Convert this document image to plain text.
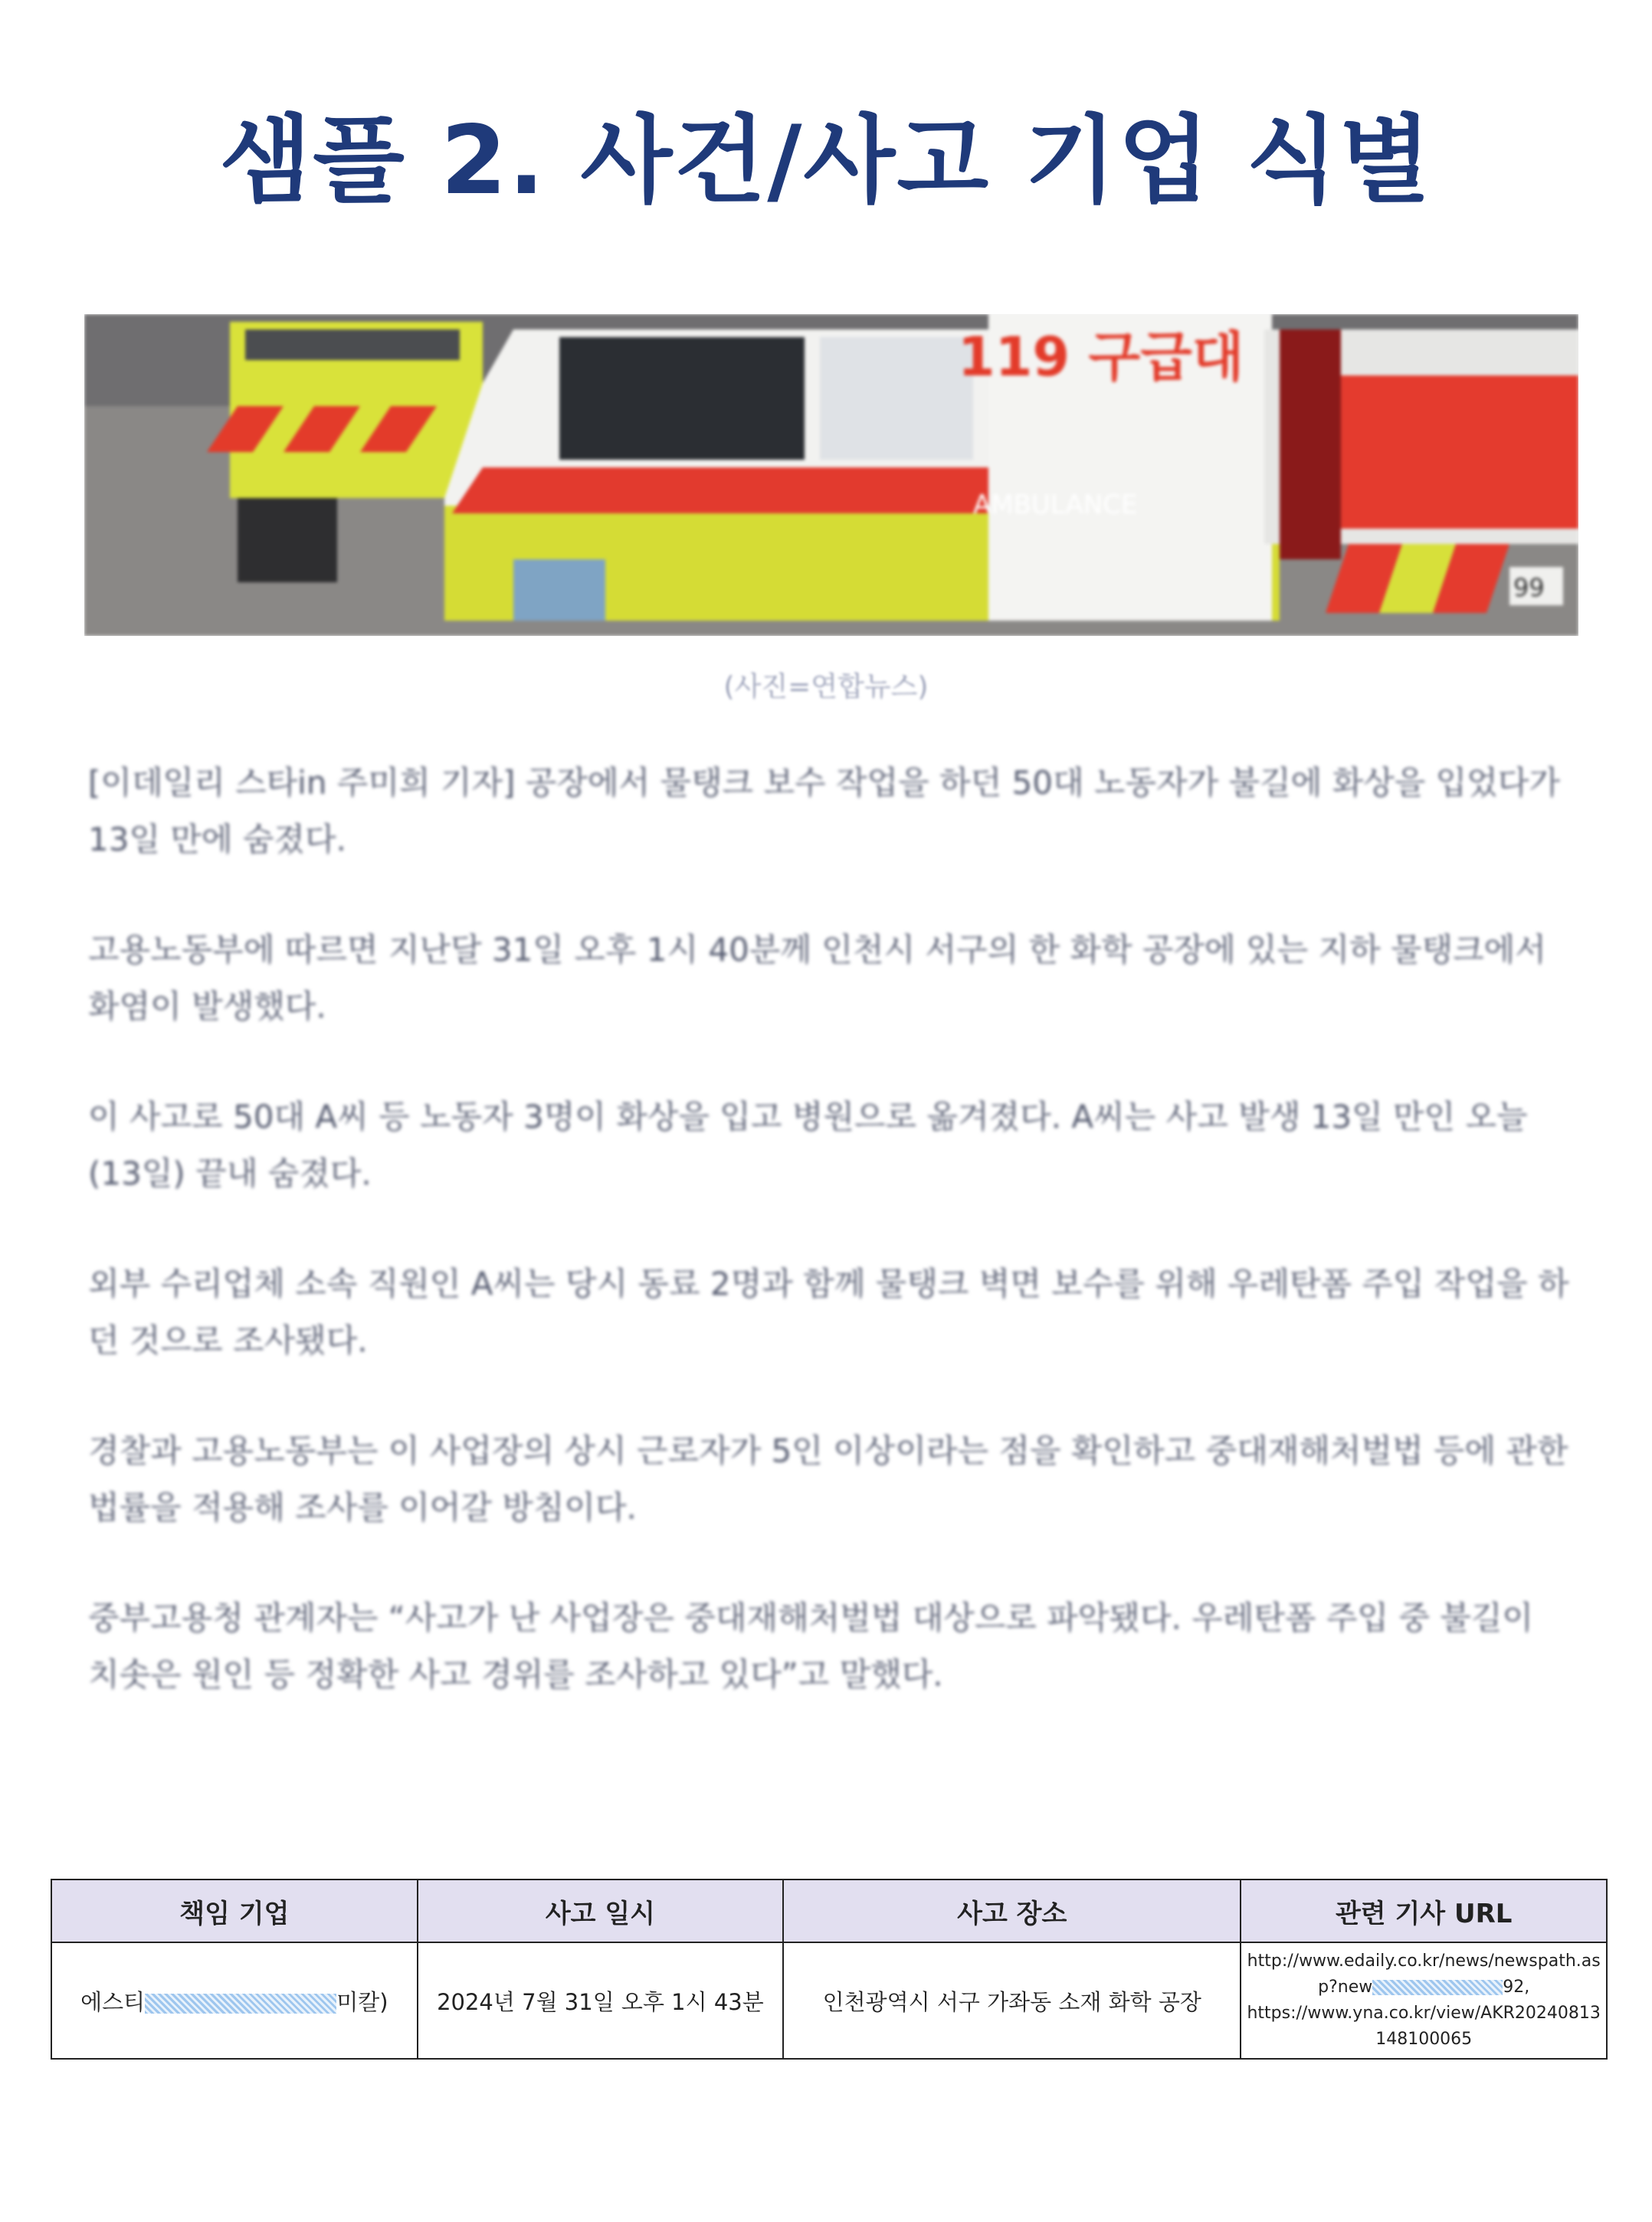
샘플 2. 사건/사고 기업 식별
119 구급대
AMBULANCE
99
(사진=연합뉴스)

[이데일리 스타in 주미희 기자] 공장에서 물탱크 보수 작업을 하던 50대 노동자가 불길에 화상을 입었다가 13일 만에 숨졌다.

고용노동부에 따르면 지난달 31일 오후 1시 40분께 인천시 서구의 한 화학 공장에 있는 지하 물탱크에서 화염이 발생했다.

이 사고로 50대 A씨 등 노동자 3명이 화상을 입고 병원으로 옮겨졌다. A씨는 사고 발생 13일 만인 오늘(13일) 끝내 숨졌다.

외부 수리업체 소속 직원인 A씨는 당시 동료 2명과 함께 물탱크 벽면 보수를 위해 우레탄폼 주입 작업을 하던 것으로 조사됐다.

경찰과 고용노동부는 이 사업장의 상시 근로자가 5인 이상이라는 점을 확인하고 중대재해처벌법 등에 관한 법률을 적용해 조사를 이어갈 방침이다.

중부고용청 관계자는 “사고가 난 사업장은 중대재해처벌법 대상으로 파악됐다. 우레탄폼 주입 중 불길이 치솟은 원인 등 정확한 사고 경위를 조사하고 있다”고 말했다.

책임 기업	사고 일시	사고 장소	관련 기사 URL
에스티 미칼)	2024년 7월 31일 오후 1시 43분	인천광역시 서구 가좌동 소재 화학 공장	http://www.edaily.co.kr/news/newspath.asp?new 92,
https://www.yna.co.kr/view/AKR20240813148100065
